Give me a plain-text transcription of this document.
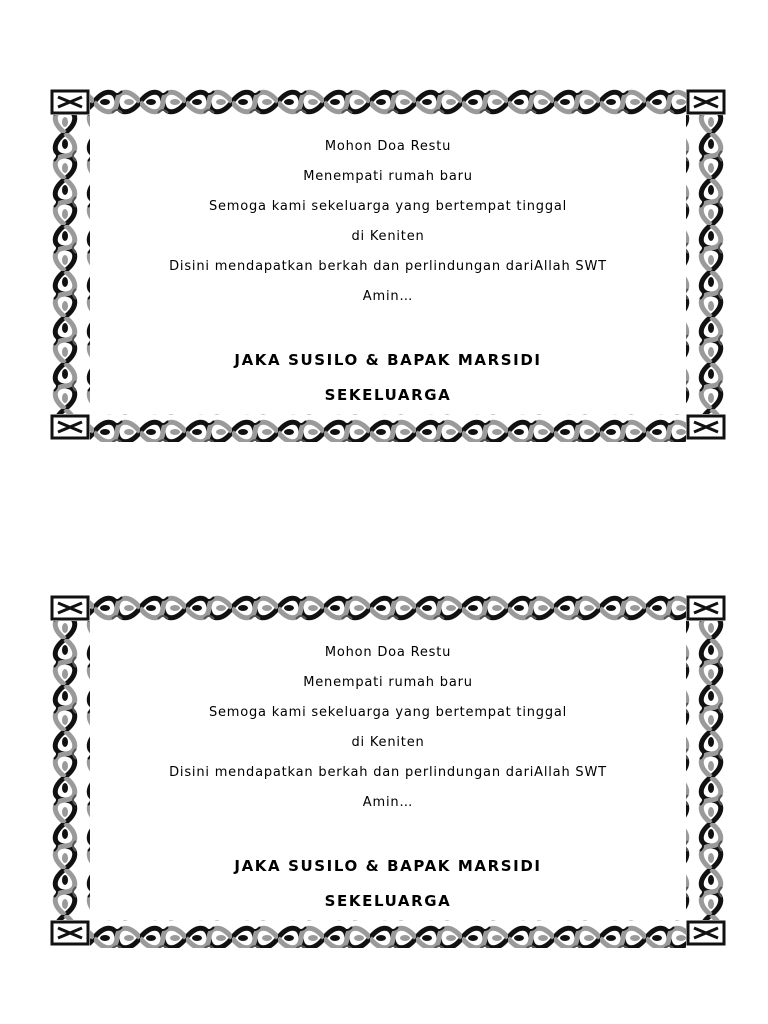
Mohon Doa Restu
Menempati rumah baru
Semoga kami sekeluarga yang bertempat tinggal
di Keniten
Disini mendapatkan berkah dan perlindungan dariAllah SWT
Amin…
JAKA SUSILO & BAPAK MARSIDI
SEKELUARGA
Mohon Doa Restu
Menempati rumah baru
Semoga kami sekeluarga yang bertempat tinggal
di Keniten
Disini mendapatkan berkah dan perlindungan dariAllah SWT
Amin…
JAKA SUSILO & BAPAK MARSIDI
SEKELUARGA
